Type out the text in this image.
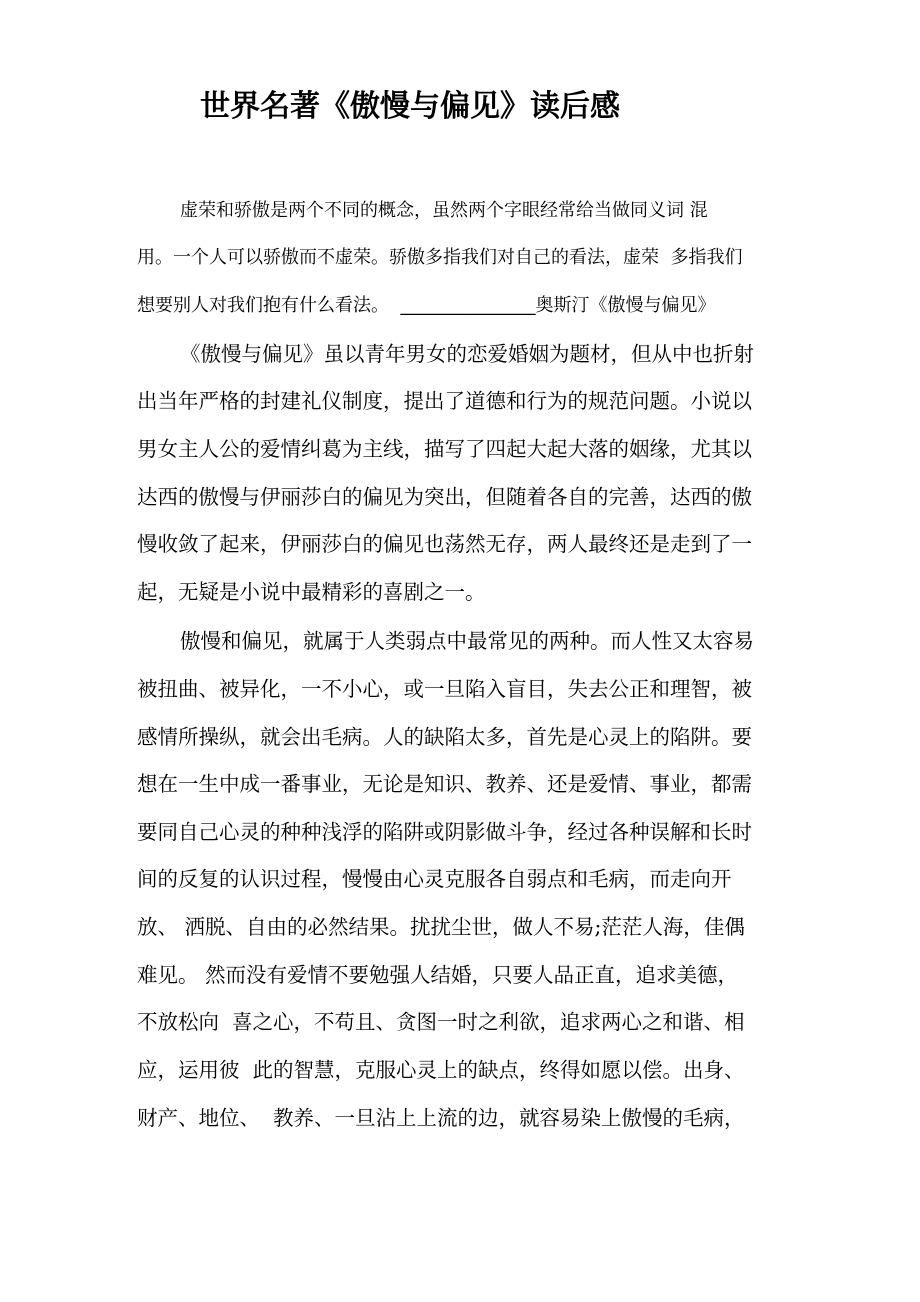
世界名著《傲慢与偏见》读后感
虚荣和骄傲是两个不同的概念，虽然两个字眼经常给当做同义词 混
用。一个人可以骄傲而不虚荣。骄傲多指我们对自己的看法，虚荣  多指我们
想要别人对我们抱有什么看法。  _______________奥斯汀《傲慢与偏见》
《傲慢与偏见》虽以青年男女的恋爱婚姻为题材，但从中也折射
出当年严格的封建礼仪制度，提出了道德和行为的规范问题。小说以
男女主人公的爱情纠葛为主线，描写了四起大起大落的姻缘，尤其以
达西的傲慢与伊丽莎白的偏见为突出，但随着各自的完善，达西的傲
慢收敛了起来，伊丽莎白的偏见也荡然无存，两人最终还是走到了一
起，无疑是小说中最精彩的喜剧之一。
傲慢和偏见，就属于人类弱点中最常见的两种。而人性又太容易
被扭曲、被异化，一不小心，或一旦陷入盲目，失去公正和理智，被
感情所操纵，就会出毛病。人的缺陷太多，首先是心灵上的陷阱。要
想在一生中成一番事业，无论是知识、教养、还是爱情、事业，都需
要同自己心灵的种种浅浮的陷阱或阴影做斗争，经过各种误解和长时
间的反复的认识过程，慢慢由心灵克服各自弱点和毛病，而走向开
放、 洒脱、自由的必然结果。扰扰尘世，做人不易;茫茫人海，佳偶
难见。 然而没有爱情不要勉强人结婚，只要人品正直，追求美德，
不放松向  喜之心，不苟且、贪图一时之利欲，追求两心之和谐、相
应，运用彼  此的智慧，克服心灵上的缺点，终得如愿以偿。出身、
财产、地位、  教养、一旦沾上上流的边，就容易染上傲慢的毛病，
